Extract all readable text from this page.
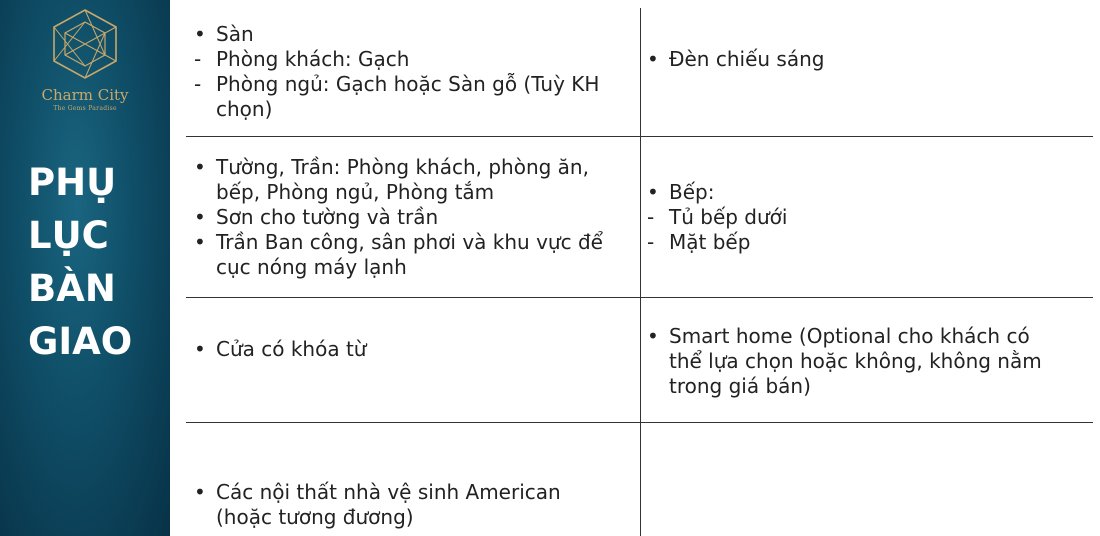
Charm City
The Gems Paradise
PHỤ
LỤC
BÀN
GIAO
• Sàn
- Phòng khách: Gạch
- Phòng ngủ: Gạch hoặc Sàn gỗ (Tuỳ KH
chọn)
• Đèn chiếu sáng
• Tường, Trần: Phòng khách, phòng ăn,
bếp, Phòng ngủ, Phòng tắm
• Sơn cho tường và trần
• Trần Ban công, sân phơi và khu vực để
cục nóng máy lạnh
• Bếp:
- Tủ bếp dưới
- Mặt bếp
• Cửa có khóa từ
• Smart home (Optional cho khách có
thể lựa chọn hoặc không, không nằm
trong giá bán)
• Các nội thất nhà vệ sinh American
(hoặc tương đương)
